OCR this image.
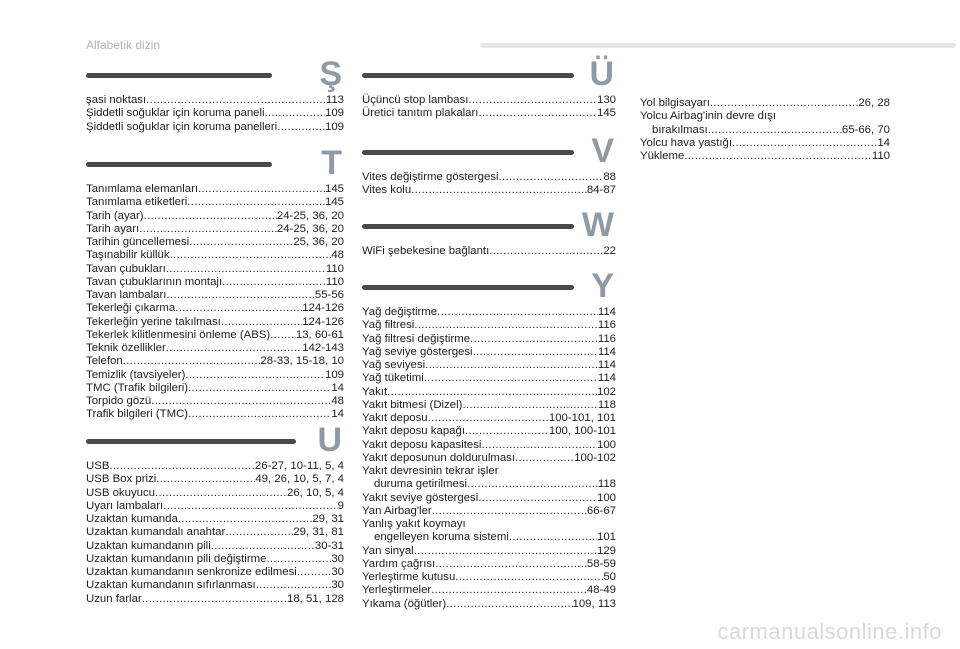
Alfabetik dizin
Ş
şasi noktası .....	113
Şiddetli soğuklar için koruma paneli .....	109
Şiddetli soğuklar için koruma panelleri .....	109
T
Tanımlama elemanları .....	145
Tanımlama etiketleri .....	145
Tarih (ayar) .....	24-25, 36, 20
Tarih ayarı .....	24-25, 36, 20
Tarihin güncellemesi .....	25, 36, 20
Taşınabilir küllük .....	48
Tavan çubukları .....	110
Tavan çubuklarının montajı .....	110
Tavan lambaları .....	55-56
Tekerleği çıkarma .....	124-126
Tekerleğin yerine takılması .....	124-126
Tekerlek kilitlenmesini önleme (ABS) ..... 13, 60-61
Teknik özellikler .....	142-143
Telefon .....	28-33, 15-18, 10
Temizlik (tavsiyeler) .....	109
TMC (Trafik bilgileri) .....	14
Torpido gözü .....	48
Trafik bilgileri (TMC) .....	14
U
USB .....	26-27, 10-11, 5, 4
USB Box prizi .....	49, 26, 10, 5, 7, 4
USB okuyucu .....	26, 10, 5, 4
Uyarı lambaları .....	9
Uzaktan kumanda .....	29, 31
Uzaktan kumandalı anahtar .....	29, 31, 81
Uzaktan kumandanın pili .....	30-31
Uzaktan kumandanın pili değiştirme .....	30
Uzaktan kumandanın senkronize edilmesi .....	30
Uzaktan kumandanın sıfırlanması .....	30
Uzun farlar .....	18, 51, 128
Ü
Üçüncü stop lambası .....	130
Üretici tanıtım plakaları .....	145
V
Vites değiştirme göstergesi .....	88
Vites kolu .....	84-87
W
WiFi şebekesine bağlantı .....	22
Y
Yağ değiştirme .....	114
Yağ filtresi .....	116
Yağ filtresi değiştirme .....	116
Yağ seviye göstergesi .....	114
Yağ seviyesi .....	114
Yağ tüketimi .....	114
Yakıt .....	102
Yakıt bitmesi (Dizel) .....	118
Yakıt deposu .....	100-101, 101
Yakıt deposu kapağı .....	100, 100-101
Yakıt deposu kapasitesi .....	100
Yakıt deposunun doldurulması .....	100-102
Yakıt devresinin tekrar işler
duruma getirilmesi .....	118
Yakıt seviye göstergesi .....	100
Yan Airbag'ler .....	66-67
Yanlış yakıt koymayı
engelleyen koruma sistemi .....	101
Yan sinyal .....	129
Yardım çağrısı .....	58-59
Yerleştirme kutusu .....	50
Yerleştirmeler .....	48-49
Yıkama (öğütler) .....	109, 113
Yol bilgisayarı .....	26, 28
Yolcu Airbag'inin devre dışı
bırakılması .....	65-66, 70
Yolcu hava yastığı .....	14
Yükleme .....	110
carmanualsonline.info
